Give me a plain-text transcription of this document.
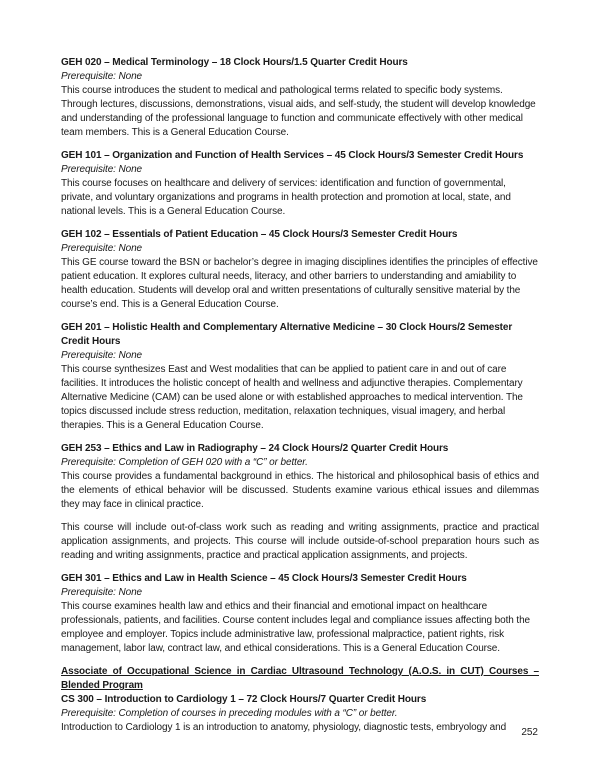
GEH 020 – Medical Terminology – 18 Clock Hours/1.5 Quarter Credit Hours

Prerequisite: None

This course introduces the student to medical and pathological terms related to specific body systems. Through lectures, discussions, demonstrations, visual aids, and self-study, the student will develop knowledge and understanding of the professional language to function and communicate effectively with other medical team members. This is a General Education Course.

GEH 101 – Organization and Function of Health Services – 45 Clock Hours/3 Semester Credit Hours

Prerequisite: None

This course focuses on healthcare and delivery of services: identification and function of governmental, private, and voluntary organizations and programs in health protection and promotion at local, state, and national levels. This is a General Education Course.

GEH 102 – Essentials of Patient Education – 45 Clock Hours/3 Semester Credit Hours

Prerequisite: None

This GE course toward the BSN or bachelor’s degree in imaging disciplines identifies the principles of effective patient education. It explores cultural needs, literacy, and other barriers to understanding and amiability to health education. Students will develop oral and written presentations of culturally sensitive material by the course’s end. This is a General Education Course.

GEH 201 – Holistic Health and Complementary Alternative Medicine – 30 Clock Hours/2 Semester Credit Hours

Prerequisite: None

This course synthesizes East and West modalities that can be applied to patient care in and out of care facilities. It introduces the holistic concept of health and wellness and adjunctive therapies. Complementary Alternative Medicine (CAM) can be used alone or with established approaches to medical intervention. The topics discussed include stress reduction, meditation, relaxation techniques, visual imagery, and herbal therapies. This is a General Education Course.

GEH 253 – Ethics and Law in Radiography – 24 Clock Hours/2 Quarter Credit Hours

Prerequisite: Completion of GEH 020 with a “C” or better.

This course provides a fundamental background in ethics. The historical and philosophical basis of ethics and the elements of ethical behavior will be discussed. Students examine various ethical issues and dilemmas they may face in clinical practice.

This course will include out-of-class work such as reading and writing assignments, practice and practical application assignments, and projects. This course will include outside-of-school preparation hours such as reading and writing assignments, practice and practical application assignments, and projects.

GEH 301 – Ethics and Law in Health Science – 45 Clock Hours/3 Semester Credit Hours

Prerequisite: None

This course examines health law and ethics and their financial and emotional impact on healthcare professionals, patients, and facilities. Course content includes legal and compliance issues affecting both the employee and employer. Topics include administrative law, professional malpractice, patient rights, risk management, labor law, contract law, and ethical considerations. This is a General Education Course.

Associate of Occupational Science in Cardiac Ultrasound Technology (A.O.S. in CUT) Courses – Blended Program
CS 300 – Introduction to Cardiology 1 – 72 Clock Hours/7 Quarter Credit Hours

Prerequisite: Completion of courses in preceding modules with a “C” or better.

Introduction to Cardiology 1 is an introduction to anatomy, physiology, diagnostic tests, embryology and	252
